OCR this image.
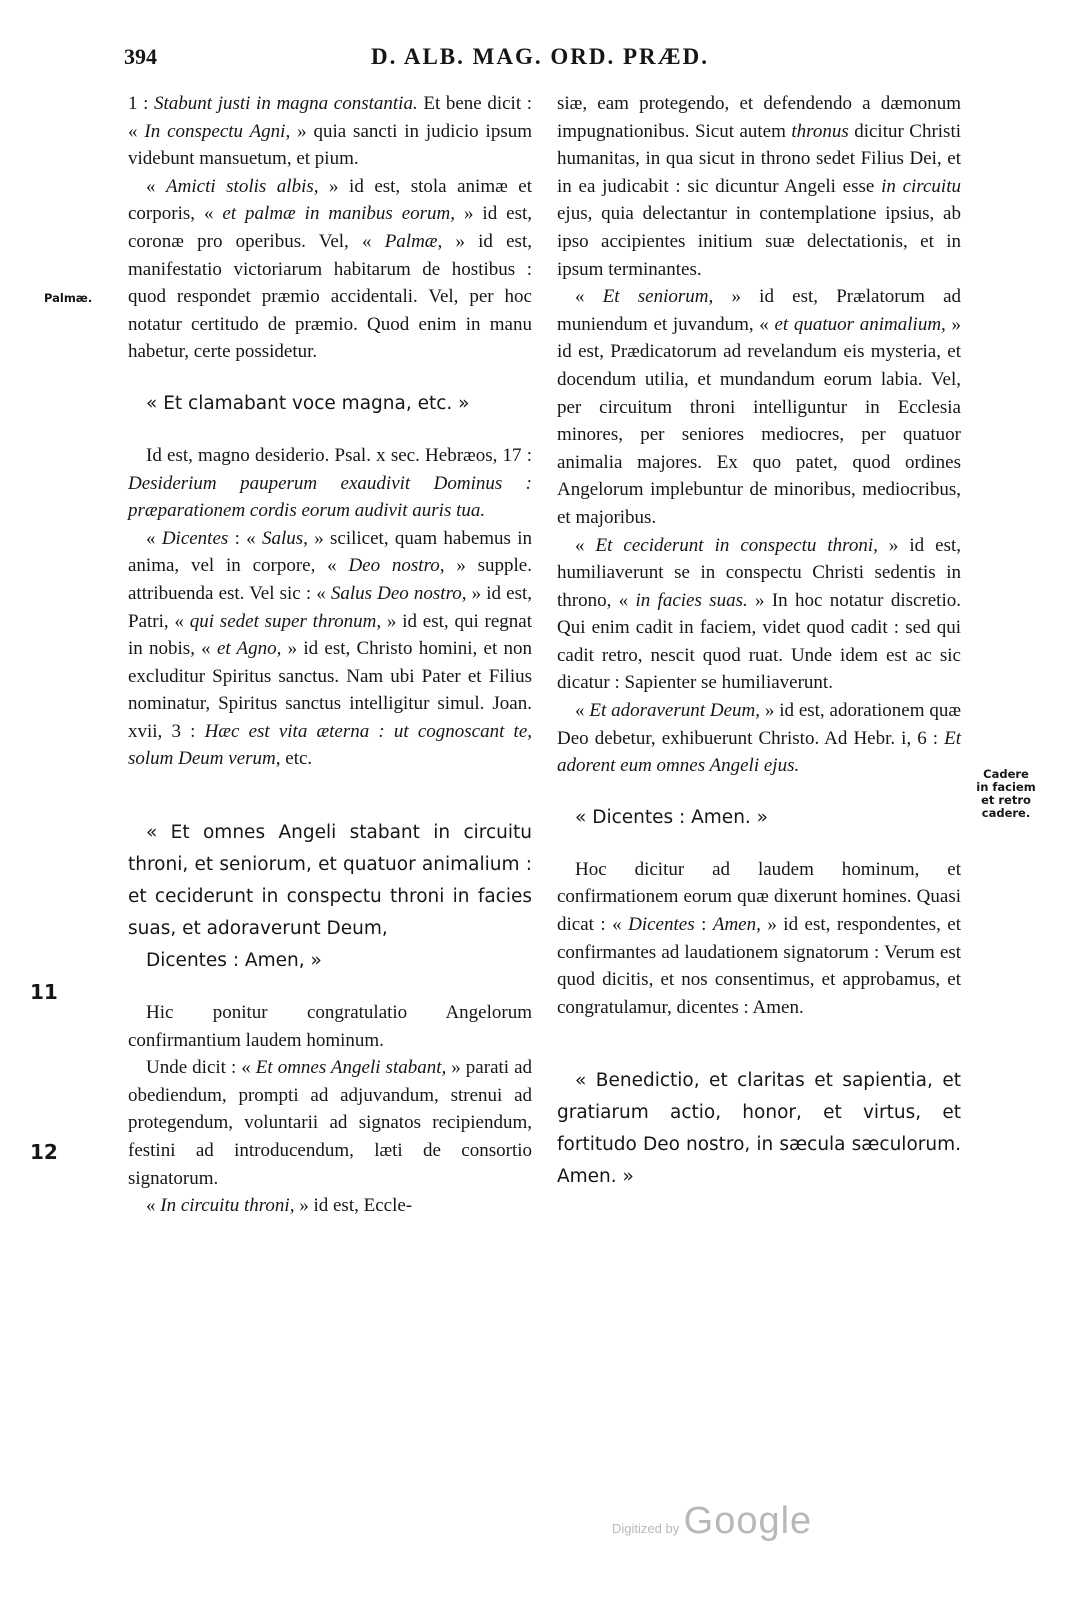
394	D. ALB. MAG. ORD. PRÆD.
Palmæ.
Cadere
in faciem
et retro
cadere.
11
12

1 : Stabunt justi in magna constantia. Et bene dicit : « In conspectu Agni, » quia sancti in judicio ipsum videbunt mansuetum, et pium.

« Amicti stolis albis, » id est, stola animæ et corporis, « et palmæ in manibus eorum, » id est, coronæ pro operibus. Vel, « Palmæ, » id est, manifestatio victoriarum habitarum de hostibus : quod respondet præmio accidentali. Vel, per hoc notatur certitudo de præmio. Quod enim in manu habetur, certe possidetur.

« Et clamabant voce magna, etc. »

Id est, magno desiderio. Psal. x sec. Hebræos, 17 : Desiderium pauperum exaudivit Dominus : præparationem cordis eorum audivit auris tua.

« Dicentes : « Salus, » scilicet, quam habemus in anima, vel in corpore, « Deo nostro, » supple. attribuenda est. Vel sic : « Salus Deo nostro, » id est, Patri, « qui sedet super thronum, » id est, qui regnat in nobis, « et Agno, » id est, Christo homini, et non excluditur Spiritus sanctus. Nam ubi Pater et Filius nominatur, Spiritus sanctus intelligitur simul. Joan. xvii, 3 : Hæc est vita æterna : ut cognoscant te, solum Deum verum, etc.

« Et omnes Angeli stabant in circuitu throni, et seniorum, et quatuor animalium : et ceciderunt in conspectu throni in facies suas, et adoraverunt Deum,

Dicentes : Amen, »

Hic ponitur congratulatio Angelorum confirmantium laudem hominum.

Unde dicit : « Et omnes Angeli stabant, » parati ad obediendum, prompti ad adjuvandum, strenui ad protegendum, voluntarii ad signatos recipiendum, festini ad introducendum, læti de consortio signatorum.

« In circuitu throni, » id est, Eccle-

siæ, eam protegendo, et defendendo a dæmonum impugnationibus. Sicut autem thronus dicitur Christi humanitas, in qua sicut in throno sedet Filius Dei, et in ea judicabit : sic dicuntur Angeli esse in circuitu ejus, quia delectantur in contemplatione ipsius, ab ipso accipientes initium suæ delectationis, et in ipsum terminantes.

« Et seniorum, » id est, Prælatorum ad muniendum et juvandum, « et quatuor animalium, » id est, Prædicatorum ad revelandum eis mysteria, et docendum utilia, et mundandum eorum labia. Vel, per circuitum throni intelliguntur in Ecclesia minores, per seniores mediocres, per quatuor animalia majores. Ex quo patet, quod ordines Angelorum implebuntur de minoribus, mediocribus, et majoribus.

« Et ceciderunt in conspectu throni, » id est, humiliaverunt se in conspectu Christi sedentis in throno, « in facies suas. » In hoc notatur discretio. Qui enim cadit in faciem, videt quod cadit : sed qui cadit retro, nescit quod ruat. Unde idem est ac sic dicatur : Sapienter se humiliaverunt.

« Et adoraverunt Deum, » id est, adorationem quæ Deo debetur, exhibuerunt Christo. Ad Hebr. i, 6 : Et adorent eum omnes Angeli ejus.

« Dicentes : Amen. »

Hoc dicitur ad laudem hominum, et confirmationem eorum quæ dixerunt homines. Quasi dicat : « Dicentes : Amen, » id est, respondentes, et confirmantes ad laudationem signatorum : Verum est quod dicitis, et nos consentimus, et approbamus, et congratulamur, dicentes : Amen.

« Benedictio, et claritas et sapientia, et gratiarum actio, honor, et virtus, et fortitudo Deo nostro, in sæcula sæculorum. Amen. »

Digitized by Google
